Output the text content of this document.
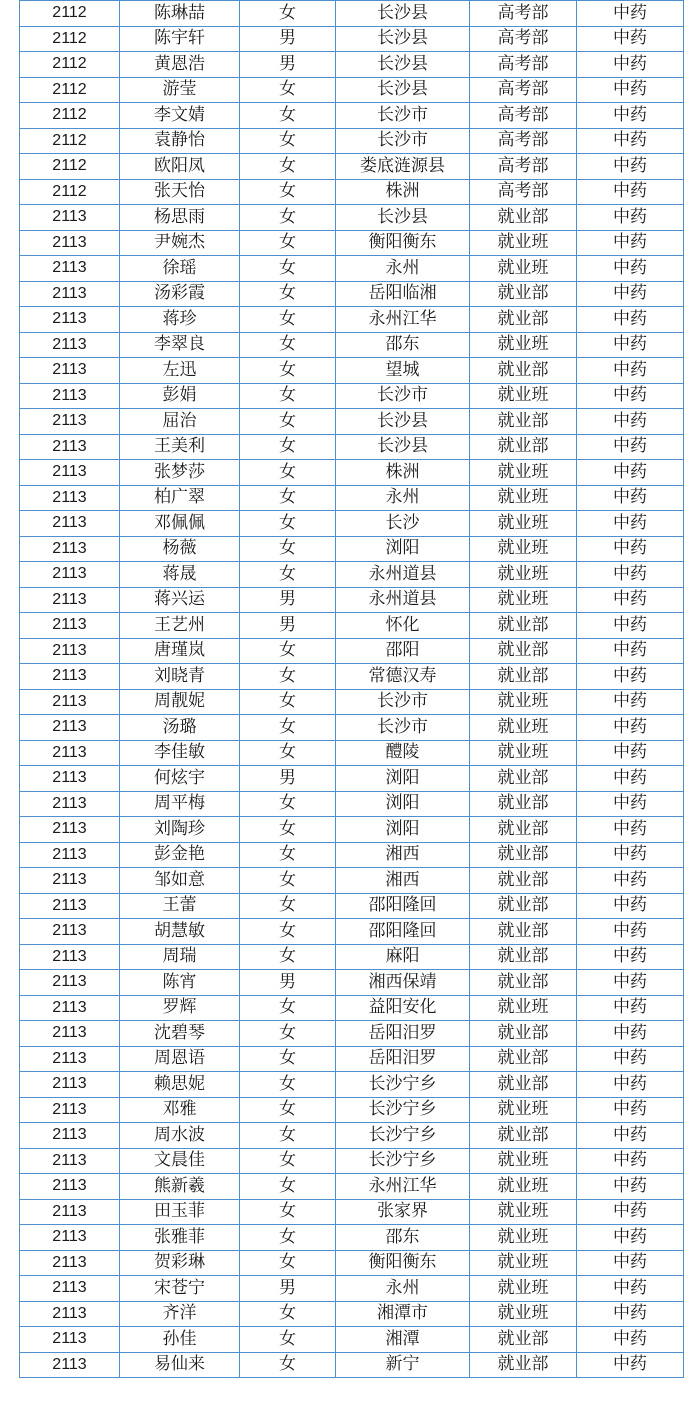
2112	陈琳喆	女	长沙县	高考部	中药
2112	陈宇轩	男	长沙县	高考部	中药
2112	黄恩浩	男	长沙县	高考部	中药
2112	游莹	女	长沙县	高考部	中药
2112	李文婧	女	长沙市	高考部	中药
2112	袁静怡	女	长沙市	高考部	中药
2112	欧阳凤	女	娄底涟源县	高考部	中药
2112	张天怡	女	株洲	高考部	中药
2113	杨思雨	女	长沙县	就业部	中药
2113	尹婉杰	女	衡阳衡东	就业班	中药
2113	徐瑶	女	永州	就业班	中药
2113	汤彩霞	女	岳阳临湘	就业部	中药
2113	蒋珍	女	永州江华	就业部	中药
2113	李翠良	女	邵东	就业班	中药
2113	左迅	女	望城	就业部	中药
2113	彭娟	女	长沙市	就业班	中药
2113	屈治	女	长沙县	就业部	中药
2113	王美利	女	长沙县	就业部	中药
2113	张梦莎	女	株洲	就业班	中药
2113	柏广翠	女	永州	就业班	中药
2113	邓佩佩	女	长沙	就业班	中药
2113	杨薇	女	浏阳	就业班	中药
2113	蒋晟	女	永州道县	就业班	中药
2113	蒋兴运	男	永州道县	就业班	中药
2113	王艺州	男	怀化	就业部	中药
2113	唐瑾岚	女	邵阳	就业部	中药
2113	刘晓青	女	常德汉寿	就业部	中药
2113	周靓妮	女	长沙市	就业班	中药
2113	汤璐	女	长沙市	就业班	中药
2113	李佳敏	女	醴陵	就业班	中药
2113	何炫宇	男	浏阳	就业部	中药
2113	周平梅	女	浏阳	就业部	中药
2113	刘陶珍	女	浏阳	就业部	中药
2113	彭金艳	女	湘西	就业部	中药
2113	邹如意	女	湘西	就业部	中药
2113	王蕾	女	邵阳隆回	就业部	中药
2113	胡慧敏	女	邵阳隆回	就业部	中药
2113	周瑞	女	麻阳	就业部	中药
2113	陈宵	男	湘西保靖	就业部	中药
2113	罗辉	女	益阳安化	就业班	中药
2113	沈碧琴	女	岳阳汨罗	就业部	中药
2113	周恩语	女	岳阳汨罗	就业部	中药
2113	赖思妮	女	长沙宁乡	就业部	中药
2113	邓雅	女	长沙宁乡	就业班	中药
2113	周水波	女	长沙宁乡	就业部	中药
2113	文晨佳	女	长沙宁乡	就业班	中药
2113	熊新羲	女	永州江华	就业班	中药
2113	田玉菲	女	张家界	就业班	中药
2113	张雅菲	女	邵东	就业班	中药
2113	贺彩琳	女	衡阳衡东	就业班	中药
2113	宋苍宁	男	永州	就业班	中药
2113	齐洋	女	湘潭市	就业班	中药
2113	孙佳	女	湘潭	就业部	中药
2113	易仙来	女	新宁	就业部	中药
